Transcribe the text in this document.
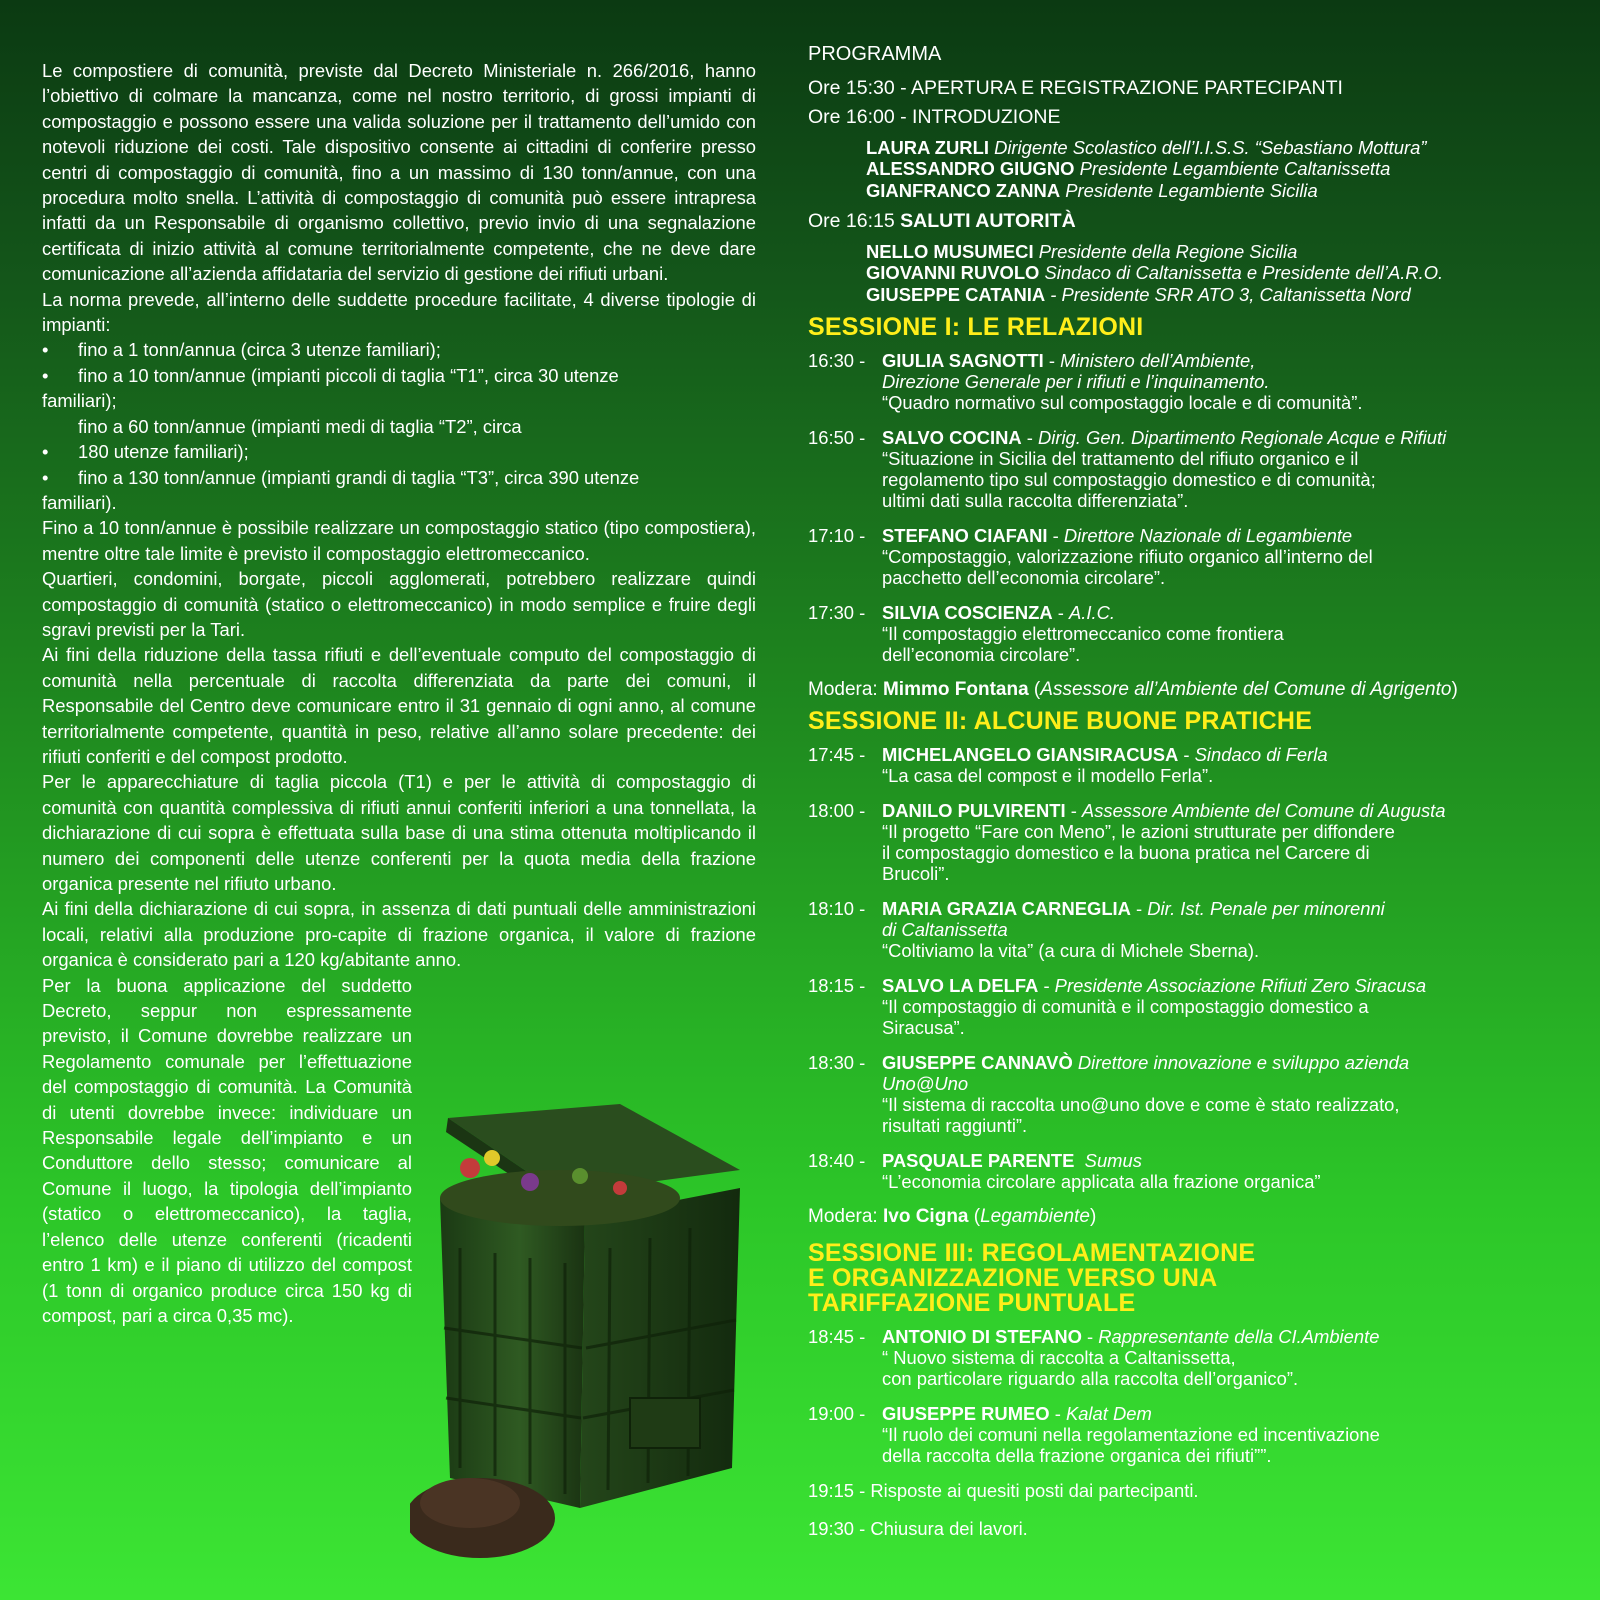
Le compostiere di comunità, previste dal Decreto Ministeriale n. 266/2016, hanno l’obiettivo di colmare la mancanza, come nel nostro territorio, di grossi impianti di compostaggio e possono essere una valida soluzione per il trattamento dell’umido con notevoli riduzione dei costi. Tale dispositivo consente ai cittadini di conferire presso centri di compostaggio di comunità, fino a un massimo di 130 tonn/annue, con una procedura molto snella. L’attività di compostaggio di comunità può essere intrapresa infatti da un Responsabile di organismo collettivo, previo invio di una segnalazione certificata di inizio attività al comune territorialmente competente, che ne deve dare comunicazione all’azienda affidataria del servizio di gestione dei rifiuti urbani.

La norma prevede, all’interno delle suddette procedure facilitate, 4 diverse tipologie di impianti:

•	fino a 1 tonn/annua (circa 3 utenze familiari);
•	fino a 10 tonn/annue (impianti piccoli di taglia “T1”, circa 30 utenze

familiari);

fino a 60 tonn/annue (impianti medi di taglia “T2”, circa

•	180 utenze familiari);
•	fino a 130 tonn/annue (impianti grandi di taglia “T3”, circa 390 utenze

familiari).

Fino a 10 tonn/annue è possibile realizzare un compostaggio statico (tipo compostiera), mentre oltre tale limite è previsto il compostaggio elettromeccanico.

Quartieri, condomini, borgate, piccoli agglomerati, potrebbero realizzare quindi compostaggio di comunità (statico o elettromeccanico) in modo semplice e fruire degli sgravi previsti per la Tari.

Ai fini della riduzione della tassa rifiuti e dell’eventuale computo del compostaggio di comunità nella percentuale di raccolta differenziata da parte dei comuni, il Responsabile del Centro deve comunicare entro il 31 gennaio di ogni anno, al comune territorialmente competente, quantità in peso, relative all’anno solare precedente: dei rifiuti conferiti e del compost prodotto.

Per le apparecchiature di taglia piccola (T1) e per le attività di compostaggio di comunità con quantità complessiva di rifiuti annui conferiti inferiori a una tonnellata, la dichiarazione di cui sopra è effettuata sulla base di una stima ottenuta moltiplicando il numero dei componenti delle utenze conferenti per la quota media della frazione organica presente nel rifiuto urbano.

Ai fini della dichiarazione di cui sopra, in assenza di dati puntuali delle amministrazioni locali, relativi alla produzione pro-capite di frazione organica, il valore di frazione organica è considerato pari a 120 kg/abitante anno.

Per la buona applicazione del suddetto Decreto, seppur non espressamente previsto, il Comune dovrebbe realizzare un Regolamento comunale per l’effettuazione del compostaggio di comunità. La Comunità di utenti dovrebbe invece: individuare un Responsabile legale dell’impianto e un Conduttore dello stesso; comunicare al Comune il luogo, la tipologia dell’impianto (statico o elettromeccanico), la taglia, l’elenco delle utenze conferenti (ricadenti entro 1 km) e il piano di utilizzo del compost (1 tonn di organico produce circa 150 kg di compost, pari a circa 0,35 mc).

PROGRAMMA
Ore 15:30 - APERTURA E REGISTRAZIONE PARTECIPANTI
Ore 16:00 - INTRODUZIONE
LAURA ZURLI Dirigente Scolastico dell’I.I.S.S. “Sebastiano Mottura”
ALESSANDRO GIUGNO Presidente Legambiente Caltanissetta
GIANFRANCO ZANNA Presidente Legambiente Sicilia
Ore 16:15 SALUTI AUTORITÀ
NELLO MUSUMECI Presidente della Regione Sicilia
GIOVANNI RUVOLO Sindaco di Caltanissetta e Presidente dell’A.R.O.
GIUSEPPE CATANIA - Presidente SRR ATO 3, Caltanissetta Nord
SESSIONE I: LE RELAZIONI
16:30 - GIULIA SAGNOTTI - Ministero dell’Ambiente,
Direzione Generale per i rifiuti e l’inquinamento.
“Quadro normativo sul compostaggio locale e di comunità”.
16:50 - SALVO COCINA - Dirig. Gen. Dipartimento Regionale Acque e Rifiuti
“Situazione in Sicilia del trattamento del rifiuto organico e il
regolamento tipo sul compostaggio domestico e di comunità;
ultimi dati sulla raccolta differenziata”.
17:10 - STEFANO CIAFANI - Direttore Nazionale di Legambiente
“Compostaggio, valorizzazione rifiuto organico all’interno del
pacchetto dell’economia circolare”.
17:30 - SILVIA COSCIENZA - A.I.C.
“Il compostaggio elettromeccanico come frontiera
dell’economia circolare”.
Modera: Mimmo Fontana (Assessore all’Ambiente del Comune di Agrigento)
SESSIONE II: ALCUNE BUONE PRATICHE
17:45 - MICHELANGELO GIANSIRACUSA - Sindaco di Ferla
“La casa del compost e il modello Ferla”.
18:00 - DANILO PULVIRENTI - Assessore Ambiente del Comune di Augusta
“Il progetto “Fare con Meno”, le azioni strutturate per diffondere
il compostaggio domestico e la buona pratica nel Carcere di
Brucoli”.
18:10 - MARIA GRAZIA CARNEGLIA - Dir. Ist. Penale per minorenni
di Caltanissetta
“Coltiviamo la vita” (a cura di Michele Sberna).
18:15 - SALVO LA DELFA - Presidente Associazione Rifiuti Zero Siracusa
“Il compostaggio di comunità e il compostaggio domestico a
Siracusa”.
18:30 - GIUSEPPE CANNAVÒ Direttore innovazione e sviluppo azienda
Uno@Uno
“Il sistema di raccolta uno@uno dove e come è stato realizzato,
risultati raggiunti”.
18:40 - PASQUALE PARENTE Sumus
“L’economia circolare applicata alla frazione organica”
Modera: Ivo Cigna (Legambiente)
SESSIONE III: REGOLAMENTAZIONE
E ORGANIZZAZIONE VERSO UNA
TARIFFAZIONE PUNTUALE
18:45 - ANTONIO DI STEFANO - Rappresentante della CI.Ambiente
“ Nuovo sistema di raccolta a Caltanissetta,
con particolare riguardo alla raccolta dell’organico”.
19:00 - GIUSEPPE RUMEO - Kalat Dem
“Il ruolo dei comuni nella regolamentazione ed incentivazione
della raccolta della frazione organica dei rifiuti””.
19:15 - Risposte ai quesiti posti dai partecipanti.
19:30 - Chiusura dei lavori.
